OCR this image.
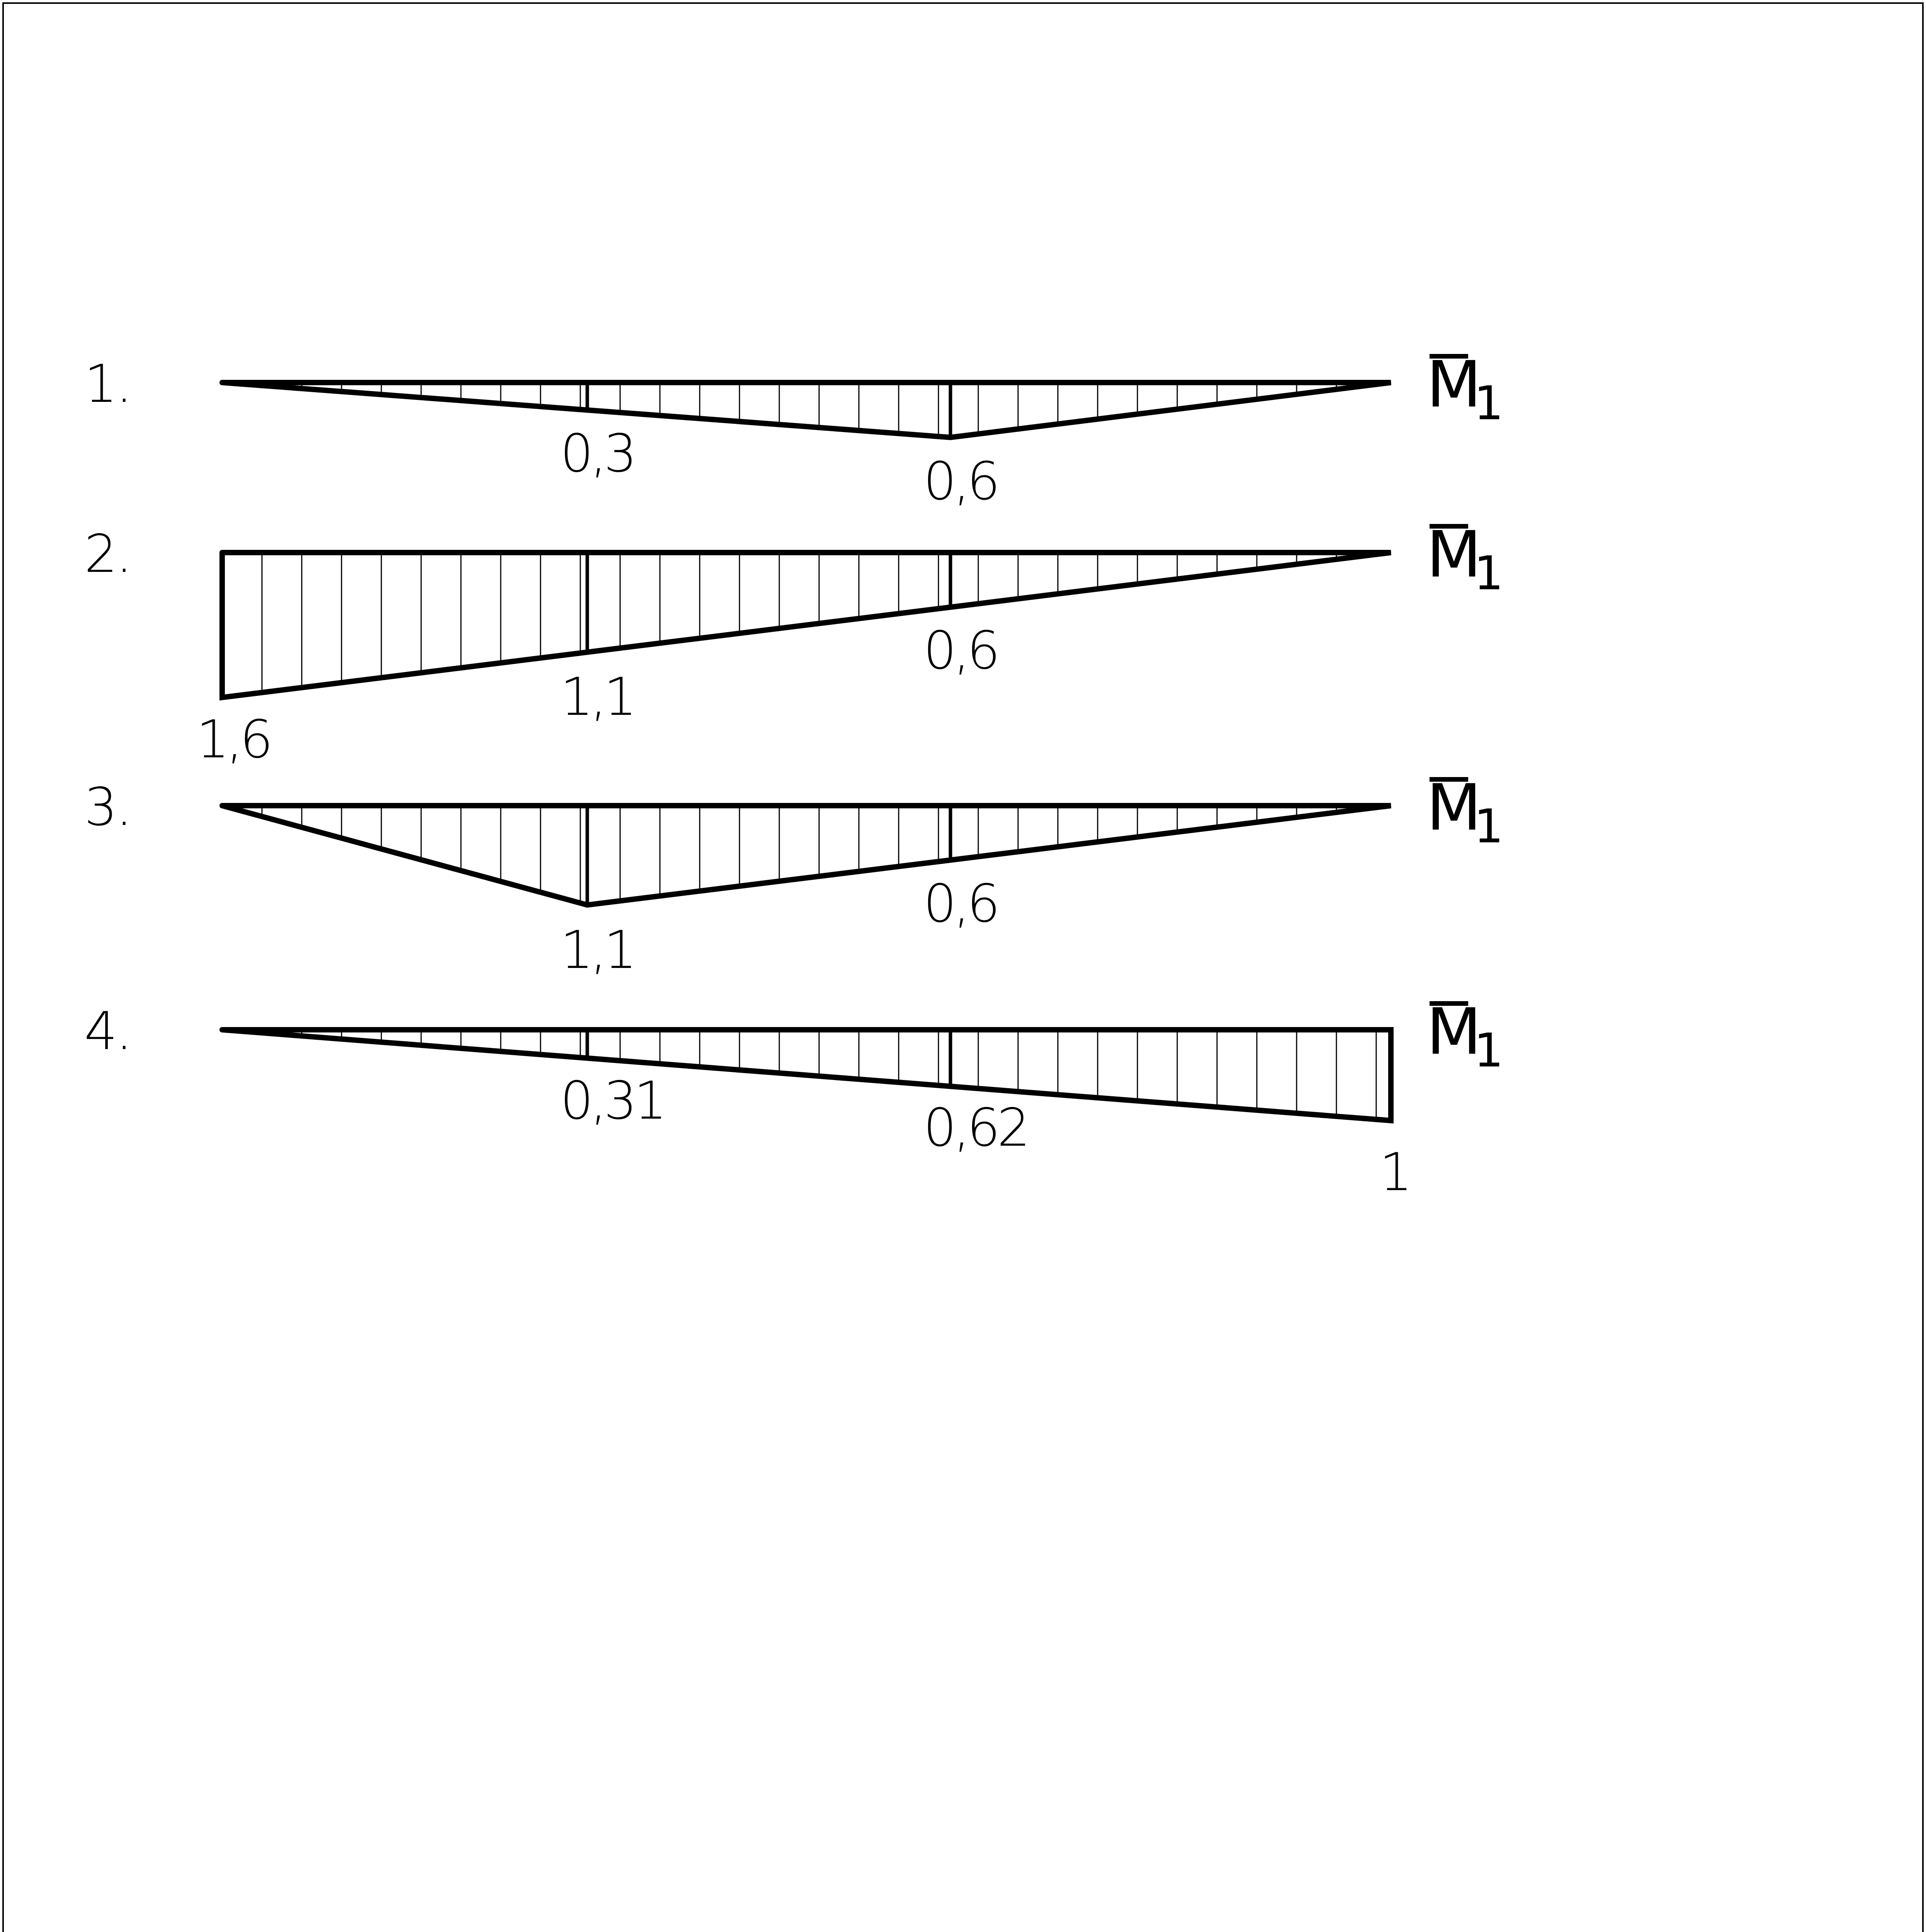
1.
0,3	0,6
M
1
2.
1,6
1,1
0,6
M
1
3.
1,1
0,6
M
1
4.
0,31	0,62
1
M
1
